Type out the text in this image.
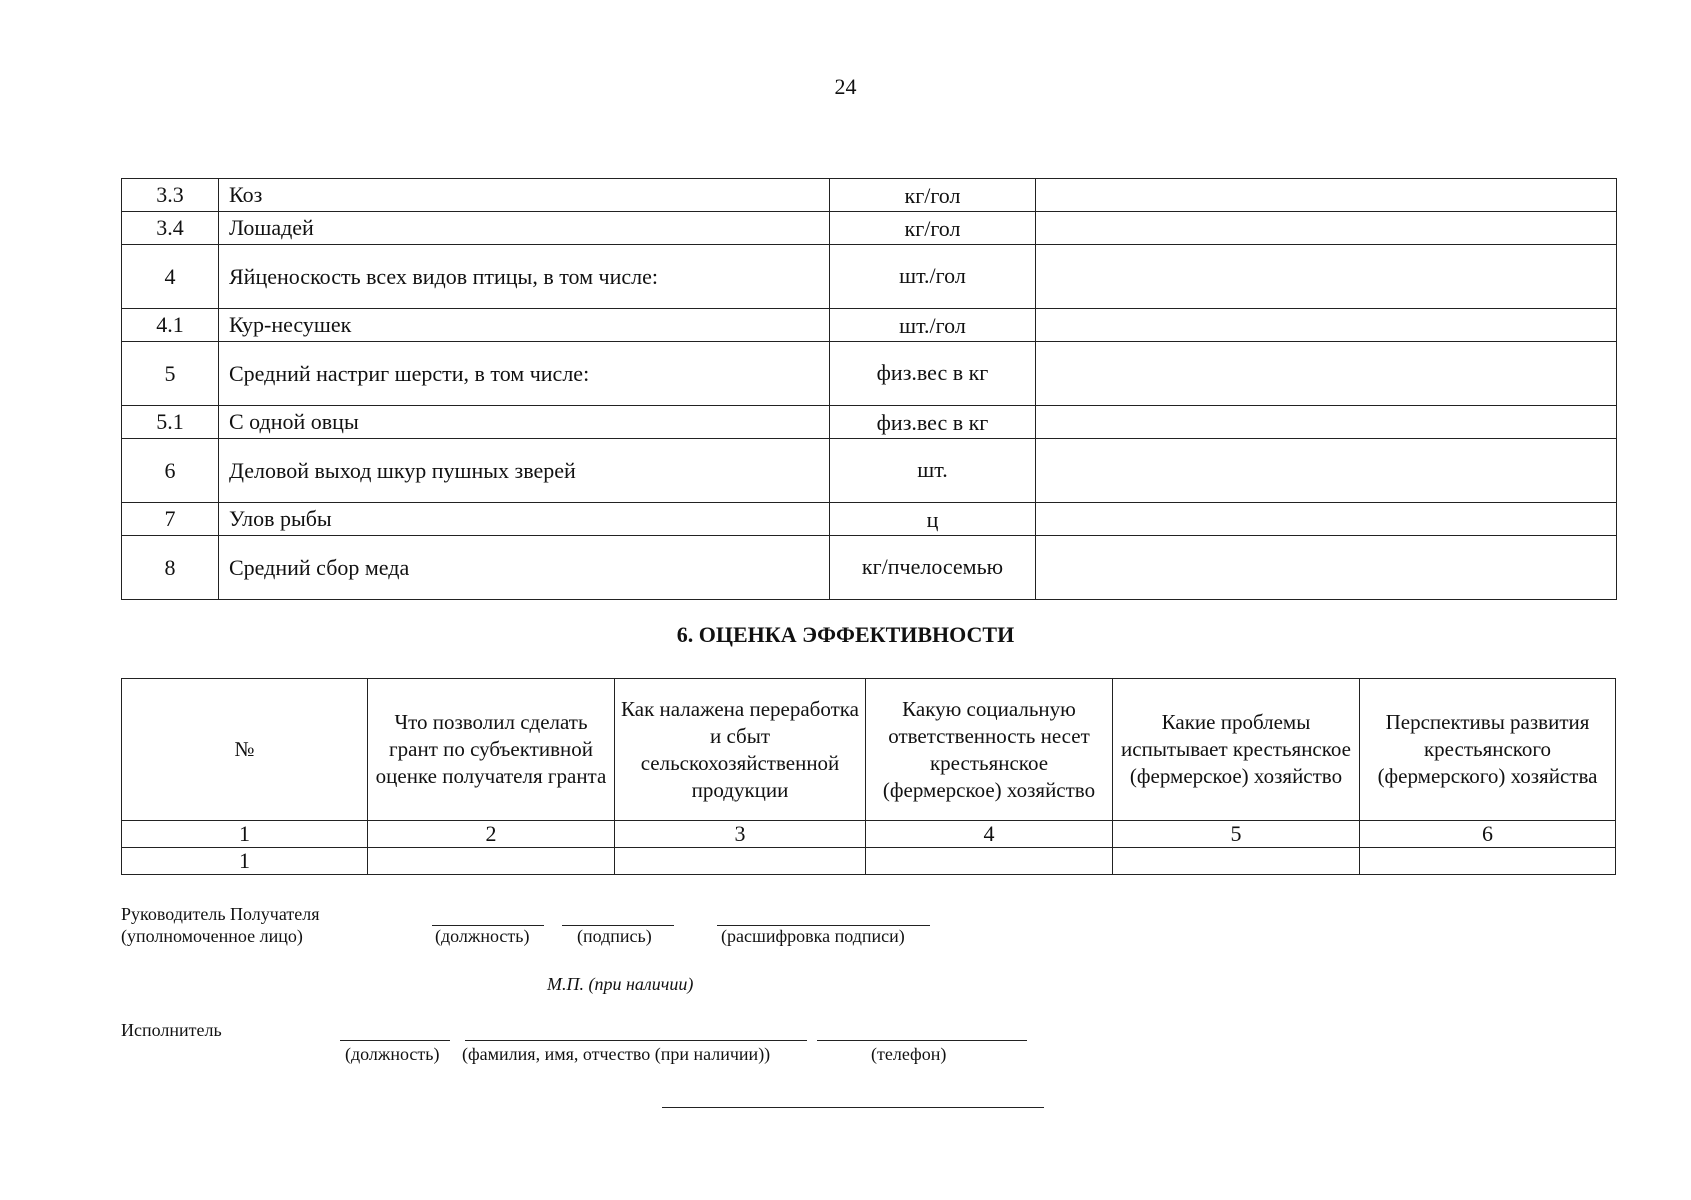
24
3.3	Коз	кг/гол	
3.4	Лошадей	кг/гол	
4	Яйценоскость всех видов птицы, в том числе:	шт./гол	
4.1	Кур-несушек	шт./гол	
5	Средний настриг шерсти, в том числе:	физ.вес в кг	
5.1	С одной овцы	физ.вес в кг	
6	Деловой выход шкур пушных зверей	шт.	
7	Улов рыбы	ц	
8	Средний сбор меда	кг/пчелосемью	
6. ОЦЕНКА ЭФФЕКТИВНОСТИ
№	Что позволил сделать грант по субъективной оценке получателя гранта	Как налажена переработка и сбыт сельскохозяйственной продукции	Какую социальную ответственность несет крестьянское (фермерское) хозяйство	Какие проблемы испытывает крестьянское (фермерское) хозяйство	Перспективы развития крестьянского (фермерского) хозяйства
1	2	3	4	5	6
1					
Руководитель Получателя
(уполномоченное лицо)	(должность)	(подпись)	(расшифровка подписи)
М.П. (при наличии)
Исполнитель
(должность) (фамилия, имя, отчество (при наличии))	(телефон)
